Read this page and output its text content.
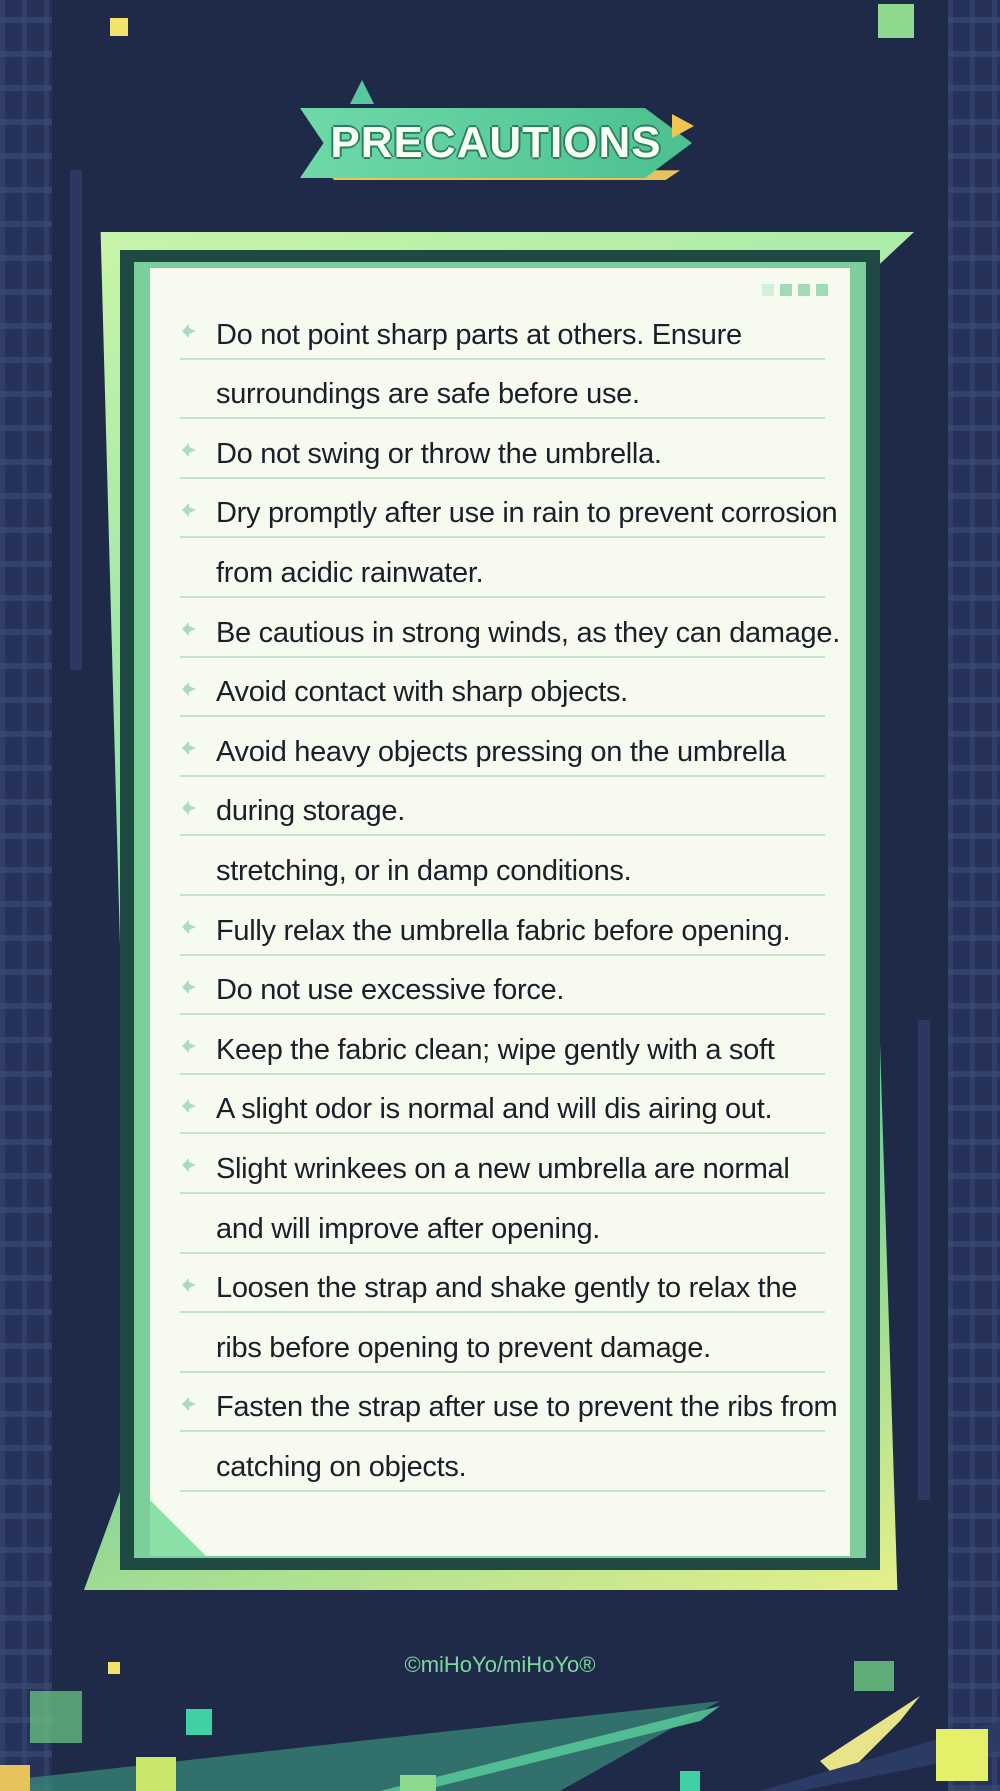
PRECAUTIONS
Do not point sharp parts at others. Ensure
surroundings are safe before use.
Do not swing or throw the umbrella.
Dry promptly after use in rain to prevent corrosion
from acidic rainwater.
Be cautious in strong winds, as they can damage.
Avoid contact with sharp objects.
Avoid heavy objects pressing on the umbrella
during storage.
stretching, or in damp conditions.
Fully relax the umbrella fabric before opening.
Do not use excessive force.
Keep the fabric clean; wipe gently with a soft
A slight odor is normal and will dis airing out.
Slight wrinkees on a new umbrella are normal
and will improve after opening.
Loosen the strap and shake gently to relax the
ribs before opening to prevent damage.
Fasten the strap after use to prevent the ribs from
catching on objects.
©miHoYo/miHoYo®
